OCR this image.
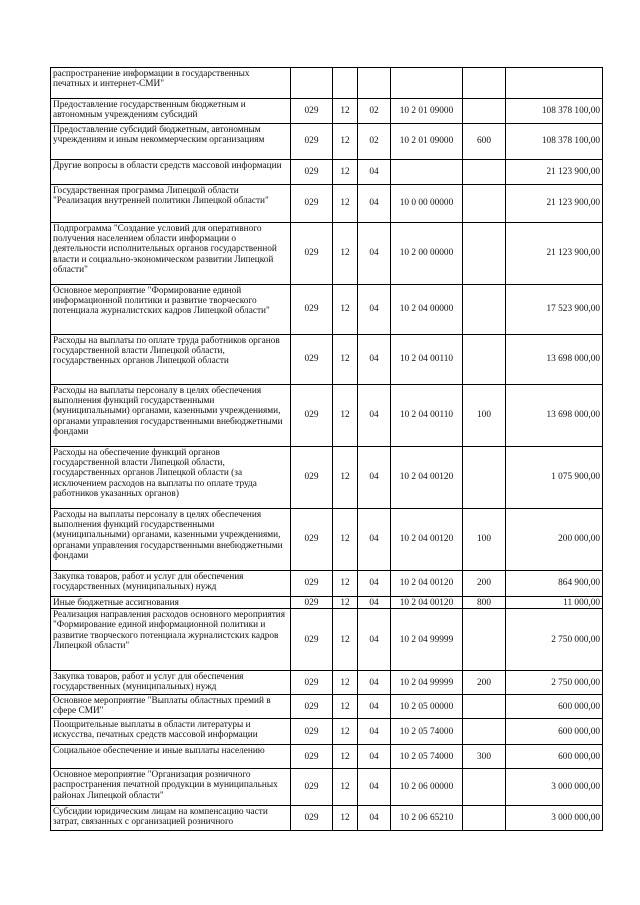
распространение информации в государственных печатных и интернет-СМИ"						
Предоставление государственным бюджетным и автономным учреждениям субсидий	029	12	02	10 2 01 09000		108 378 100,00
Предоставление субсидий бюджетным, автономным учреждениям и иным некоммерческим организациям	029	12	02	10 2 01 09000	600	108 378 100,00
Другие вопросы в области средств массовой информации	029	12	04			21 123 900,00
Государственная программа Липецкой области "Реализация внутренней политики Липецкой области"	029	12	04	10 0 00 00000		21 123 900,00
Подпрограмма "Создание условий для оперативного получения населением области информации о деятельности исполнительных органов государственной власти и социально-экономическом развитии Липецкой области"	029	12	04	10 2 00 00000		21 123 900,00
Основное мероприятие "Формирование единой информационной политики и развитие творческого потенциала журналистских кадров Липецкой области"	029	12	04	10 2 04 00000		17 523 900,00
Расходы на выплаты по оплате труда работников органов государственной власти Липецкой области, государственных органов Липецкой области	029	12	04	10 2 04 00110		13 698 000,00
Расходы на выплаты персоналу в целях обеспечения выполнения функций государственными (муниципальными) органами, казенными учреждениями, органами управления государственными внебюджетными фондами	029	12	04	10 2 04 00110	100	13 698 000,00
Расходы на обеспечение функций органов государственной власти Липецкой области, государственных органов Липецкой области (за исключением расходов на выплаты по оплате труда работников указанных органов)	029	12	04	10 2 04 00120		1 075 900,00
Расходы на выплаты персоналу в целях обеспечения выполнения функций государственными (муниципальными) органами, казенными учреждениями, органами управления государственными внебюджетными фондами	029	12	04	10 2 04 00120	100	200 000,00
Закупка товаров, работ и услуг для обеспечения государственных (муниципальных) нужд	029	12	04	10 2 04 00120	200	864 900,00
Иные бюджетные ассигнования	029	12	04	10 2 04 00120	800	11 000,00
Реализация направления расходов основного мероприятия "Формирование единой информационной политики и развитие творческого потенциала журналистских кадров Липецкой области"	029	12	04	10 2 04 99999		2 750 000,00
Закупка товаров, работ и услуг для обеспечения государственных (муниципальных) нужд	029	12	04	10 2 04 99999	200	2 750 000,00
Основное мероприятие "Выплаты областных премий в сфере СМИ"	029	12	04	10 2 05 00000		600 000,00
Поощрительные выплаты в области литературы и искусства, печатных средств массовой информации	029	12	04	10 2 05 74000		600 000,00
Социальное обеспечение и иные выплаты населению	029	12	04	10 2 05 74000	300	600 000,00
Основное мероприятие "Организация розничного распространения печатной продукции в муниципальных районах Липецкой области"	029	12	04	10 2 06 00000		3 000 000,00
Субсидии юридическим лицам на компенсацию части затрат, связанных с организацией розничного	029	12	04	10 2 06 65210		3 000 000,00
